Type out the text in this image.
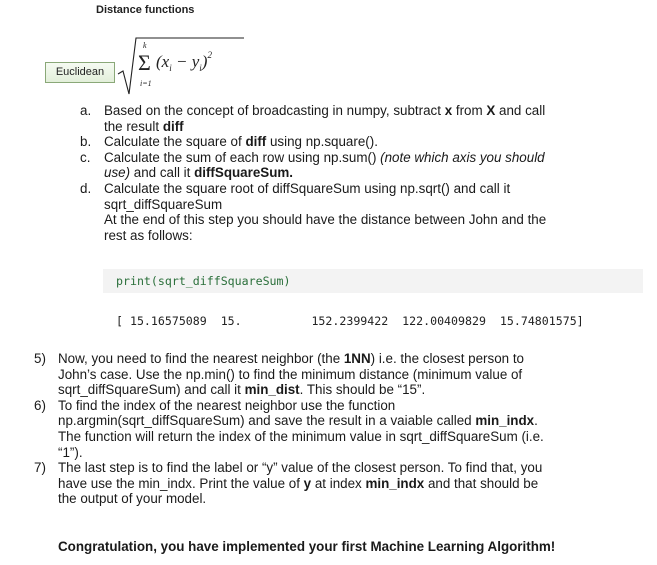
Distance functions
Euclidean
k
Σ
i=1
$(x_i - y_i)^2$
a. Based on the concept of broadcasting in numpy, subtract x from X and call
the result diff
b. Calculate the square of diff using np.square().
c. Calculate the sum of each row using np.sum() (note which axis you should
use) and call it diffSquareSum.
d. Calculate the square root of diffSquareSum using np.sqrt() and call it
sqrt_diffSquareSum
At the end of this step you should have the distance between John and the
rest as follows:
print(sqrt_diffSquareSum)
[ 15.16575089  15.          152.2399422  122.00409829  15.74801575]
5) Now, you need to find the nearest neighbor (the 1NN) i.e. the closest person to
John’s case. Use the np.min() to find the minimum distance (minimum value of
sqrt_diffSquareSum) and call it min_dist. This should be “15”.
6) To find the index of the nearest neighbor use the function
np.argmin(sqrt_diffSquareSum) and save the result in a vaiable called min_indx.
The function will return the index of the minimum value in sqrt_diffSquareSum (i.e.
“1”).
7) The last step is to find the label or “y” value of the closest person. To find that, you
have use the min_indx. Print the value of y at index min_indx and that should be
the output of your model.
Congratulation, you have implemented your first Machine Learning Algorithm!
